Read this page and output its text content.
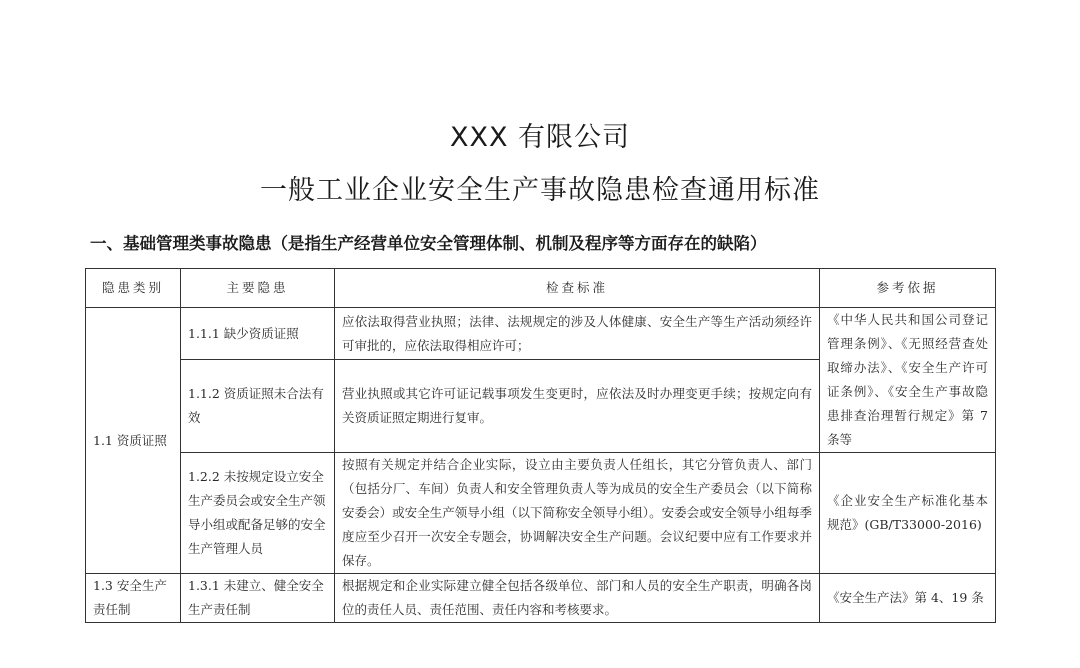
XXX 有限公司
一般工业企业安全生产事故隐患检查通用标准
一、基础管理类事故隐患（是指生产经营单位安全管理体制、机制及程序等方面存在的缺陷）
隐患类别	主要隐患	检查标准	参考依据
1.1 资质证照	1.1.1 缺少资质证照	应依法取得营业执照；法律、法规规定的涉及人体健康、安全生产等生产活动须经许可审批的，应依法取得相应许可；	《中华人民共和国公司登记管理条例》、《无照经营查处取缔办法》、《安全生产许可证条例》、《安全生产事故隐患排查治理暂行规定》第 7 条等
	1.1.2 资质证照未合法有效	营业执照或其它许可证记载事项发生变更时，应依法及时办理变更手续；按规定向有关资质证照定期进行复审。	
	1.2.2 未按规定设立安全生产委员会或安全生产领导小组或配备足够的安全生产管理人员	按照有关规定并结合企业实际，设立由主要负责人任组长，其它分管负责人、部门（包括分厂、车间）负责人和安全管理负责人等为成员的安全生产委员会（以下简称安委会）或安全生产领导小组（以下简称安全领导小组）。安委会或安全领导小组每季度应至少召开一次安全专题会，协调解决安全生产问题。会议纪要中应有工作要求并保存。	《企业安全生产标准化基本规范》(GB/T33000-2016)
1.3 安全生产责任制	1.3.1 未建立、健全安全生产责任制	根据规定和企业实际建立健全包括各级单位、部门和人员的安全生产职责，明确各岗位的责任人员、责任范围、责任内容和考核要求。	《安全生产法》第 4、19 条
